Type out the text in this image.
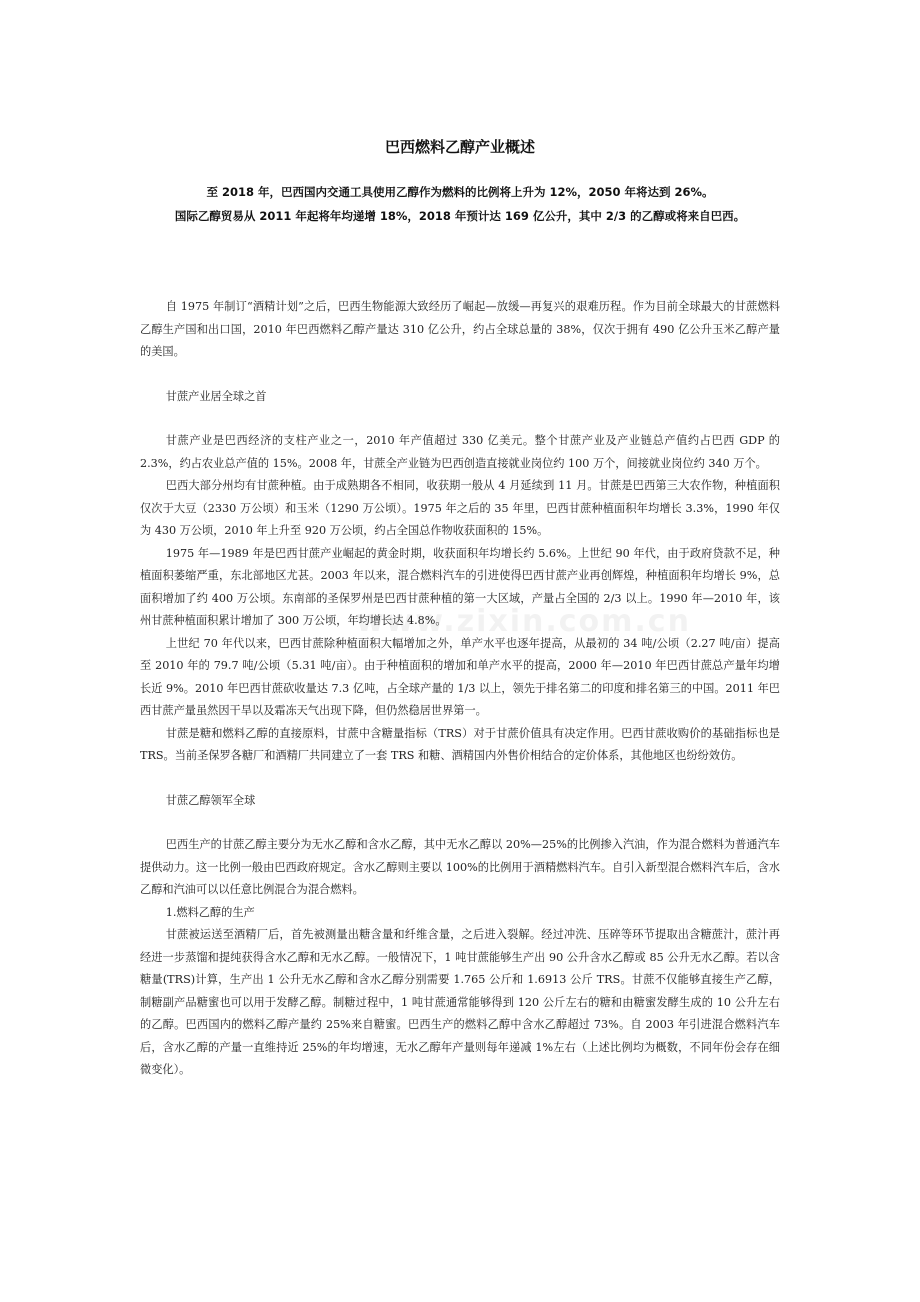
巴西燃料乙醇产业概述
至 2018 年，巴西国内交通工具使用乙醇作为燃料的比例将上升为 12%，2050 年将达到 26%。
国际乙醇贸易从 2011 年起将年均递增 18%，2018 年预计达 169 亿公升，其中 2/3 的乙醇或将来自巴西。
www.zixin.com.cn

自 1975 年制订“酒精计划”之后，巴西生物能源大致经历了崛起—放缓—再复兴的艰难历程。作为目前全球最大的甘蔗燃料乙醇生产国和出口国，2010 年巴西燃料乙醇产量达 310 亿公升，约占全球总量的 38%，仅次于拥有 490 亿公升玉米乙醇产量的美国。

甘蔗产业居全球之首

甘蔗产业是巴西经济的支柱产业之一，2010 年产值超过 330 亿美元。整个甘蔗产业及产业链总产值约占巴西 GDP 的 2.3%，约占农业总产值的 15%。2008 年，甘蔗全产业链为巴西创造直接就业岗位约 100 万个，间接就业岗位约 340 万个。

巴西大部分州均有甘蔗种植。由于成熟期各不相同，收获期一般从 4 月延续到 11 月。甘蔗是巴西第三大农作物，种植面积仅次于大豆（2330 万公顷）和玉米（1290 万公顷）。1975 年之后的 35 年里，巴西甘蔗种植面积年均增长 3.3%，1990 年仅为 430 万公顷，2010 年上升至 920 万公顷，约占全国总作物收获面积的 15%。

1975 年—1989 年是巴西甘蔗产业崛起的黄金时期，收获面积年均增长约 5.6%。上世纪 90 年代，由于政府贷款不足，种植面积萎缩严重，东北部地区尤甚。2003 年以来，混合燃料汽车的引进使得巴西甘蔗产业再创辉煌，种植面积年均增长 9%，总面积增加了约 400 万公顷。东南部的圣保罗州是巴西甘蔗种植的第一大区域，产量占全国的 2/3 以上。1990 年—2010 年，该州甘蔗种植面积累计增加了 300 万公顷，年均增长达 4.8%。

上世纪 70 年代以来，巴西甘蔗除种植面积大幅增加之外，单产水平也逐年提高，从最初的 34 吨/公顷（2.27 吨/亩）提高至 2010 年的 79.7 吨/公顷（5.31 吨/亩）。由于种植面积的增加和单产水平的提高，2000 年—2010 年巴西甘蔗总产量年均增长近 9%。2010 年巴西甘蔗砍收量达 7.3 亿吨，占全球产量的 1/3 以上，领先于排名第二的印度和排名第三的中国。2011 年巴西甘蔗产量虽然因干旱以及霜冻天气出现下降，但仍然稳居世界第一。

甘蔗是糖和燃料乙醇的直接原料，甘蔗中含糖量指标（TRS）对于甘蔗价值具有决定作用。巴西甘蔗收购价的基础指标也是 TRS。当前圣保罗各糖厂和酒精厂共同建立了一套 TRS 和糖、酒精国内外售价相结合的定价体系，其他地区也纷纷效仿。

甘蔗乙醇领军全球

巴西生产的甘蔗乙醇主要分为无水乙醇和含水乙醇，其中无水乙醇以 20%—25%的比例掺入汽油，作为混合燃料为普通汽车提供动力。这一比例一般由巴西政府规定。含水乙醇则主要以 100%的比例用于酒精燃料汽车。自引入新型混合燃料汽车后，含水乙醇和汽油可以以任意比例混合为混合燃料。

1.燃料乙醇的生产

甘蔗被运送至酒精厂后，首先被测量出糖含量和纤维含量，之后进入裂解。经过冲洗、压碎等环节提取出含糖蔗汁，蔗汁再经进一步蒸馏和提纯获得含水乙醇和无水乙醇。一般情况下，1 吨甘蔗能够生产出 90 公升含水乙醇或 85 公升无水乙醇。若以含糖量(TRS)计算，生产出 1 公升无水乙醇和含水乙醇分别需要 1.765 公斤和 1.6913 公斤 TRS。甘蔗不仅能够直接生产乙醇，制糖副产品糖蜜也可以用于发酵乙醇。制糖过程中，1 吨甘蔗通常能够得到 120 公斤左右的糖和由糖蜜发酵生成的 10 公升左右的乙醇。巴西国内的燃料乙醇产量约 25%来自糖蜜。巴西生产的燃料乙醇中含水乙醇超过 73%。自 2003 年引进混合燃料汽车后，含水乙醇的产量一直维持近 25%的年均增速，无水乙醇年产量则每年递减 1%左右（上述比例均为概数，不同年份会存在细微变化）。
